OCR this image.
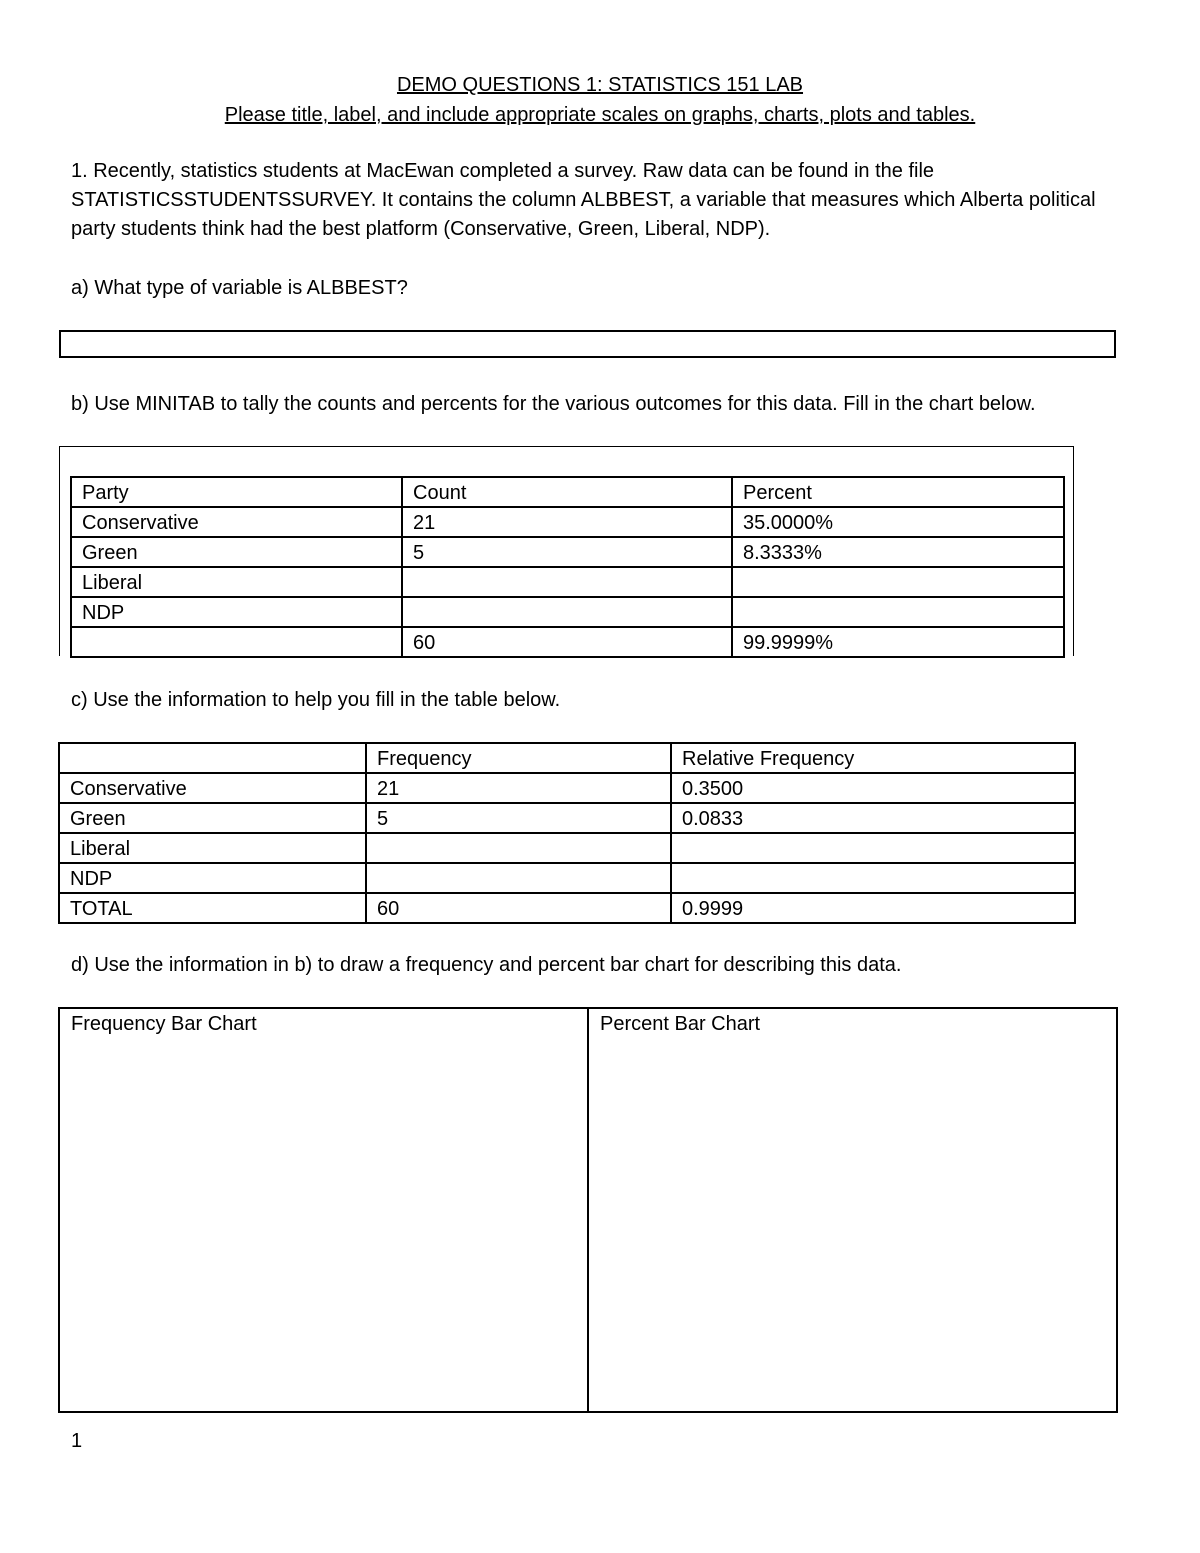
DEMO QUESTIONS 1: STATISTICS 151 LAB
Please title, label, and include appropriate scales on graphs, charts, plots and tables.
1. Recently, statistics students at MacEwan completed a survey. Raw data can be found in the file
STATISTICSSTUDENTSSURVEY. It contains the column ALBBEST, a variable that measures which Alberta political
party students think had the best platform (Conservative, Green, Liberal, NDP).
a) What type of variable is ALBBEST?
b) Use MINITAB to tally the counts and percents for the various outcomes for this data. Fill in the chart below.
Party	Count	Percent
Conservative	21	35.0000%
Green	5	8.3333%
Liberal		
NDP		
	60	99.9999%
c) Use the information to help you fill in the table below.
	Frequency	Relative Frequency
Conservative	21	0.3500
Green	5	0.0833
Liberal		
NDP		
TOTAL	60	0.9999
d) Use the information in b) to draw a frequency and percent bar chart for describing this data.
Frequency Bar Chart	Percent Bar Chart
1
